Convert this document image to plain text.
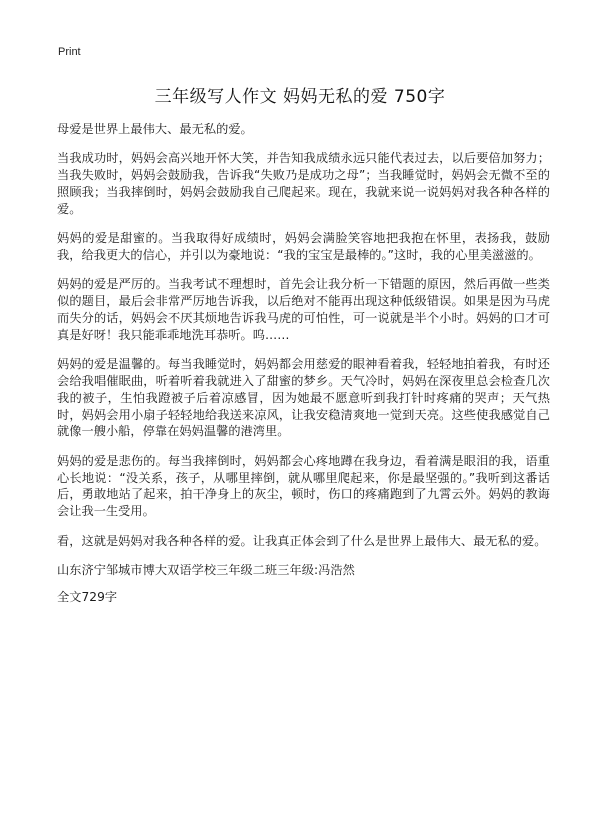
Print
三年级写人作文 妈妈无私的爱 750字

母爱是世界上最伟大、最无私的爱。

当我成功时，妈妈会高兴地开怀大笑，并告知我成绩永远只能代表过去，以后要倍加努力；当我失败时，妈妈会鼓励我，告诉我“失败乃是成功之母”；当我睡觉时，妈妈会无微不至的照顾我；当我摔倒时，妈妈会鼓励我自己爬起来。现在，我就来说一说妈妈对我各种各样的爱。

妈妈的爱是甜蜜的。当我取得好成绩时，妈妈会满脸笑容地把我抱在怀里，表扬我，鼓励我，给我更大的信心，并引以为豪地说：“我的宝宝是最棒的。”这时，我的心里美滋滋的。

妈妈的爱是严厉的。当我考试不理想时，首先会让我分析一下错题的原因，然后再做一些类似的题目，最后会非常严厉地告诉我，以后绝对不能再出现这种低级错误。如果是因为马虎而失分的话，妈妈会不厌其烦地告诉我马虎的可怕性，可一说就是半个小时。妈妈的口才可真是好呀！我只能乖乖地洗耳恭听。呜……

妈妈的爱是温馨的。每当我睡觉时，妈妈都会用慈爱的眼神看着我，轻轻地拍着我，有时还会给我唱催眠曲，听着听着我就进入了甜蜜的梦乡。天气冷时，妈妈在深夜里总会检查几次我的被子，生怕我蹬被子后着凉感冒，因为她最不愿意听到我打针时疼痛的哭声；天气热时，妈妈会用小扇子轻轻地给我送来凉风，让我安稳清爽地一觉到天亮。这些使我感觉自己就像一艘小船，停靠在妈妈温馨的港湾里。

妈妈的爱是悲伤的。每当我摔倒时，妈妈都会心疼地蹲在我身边，看着满是眼泪的我，语重心长地说：“没关系，孩子，从哪里摔倒，就从哪里爬起来，你是最坚强的。”我听到这番话后，勇敢地站了起来，拍干净身上的灰尘，顿时，伤口的疼痛跑到了九霄云外。妈妈的教诲会让我一生受用。

看，这就是妈妈对我各种各样的爱。让我真正体会到了什么是世界上最伟大、最无私的爱。

山东济宁邹城市博大双语学校三年级二班三年级:冯浩然

全文729字
